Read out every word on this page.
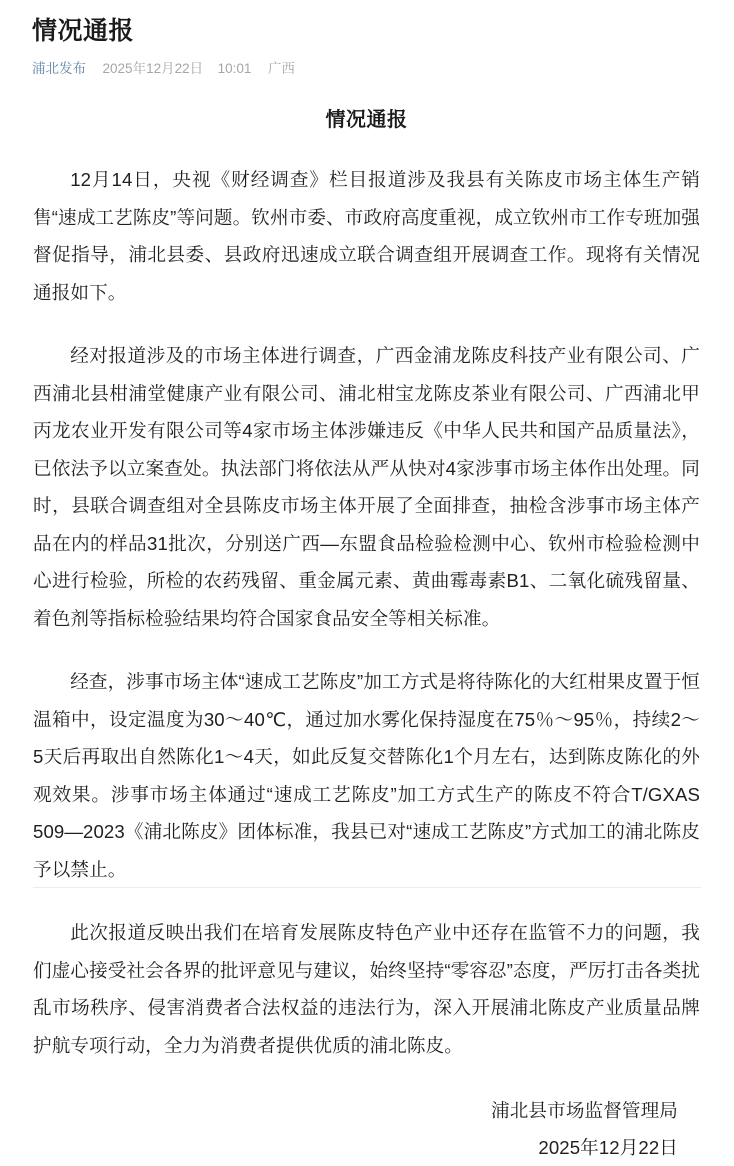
情况通报
浦北发布 2025年12月22日 10:01 广西
情况通报

12月14日，央视《财经调查》栏目报道涉及我县有关陈皮市场主体生产销售“速成工艺陈皮”等问题。钦州市委、市政府高度重视，成立钦州市工作专班加强督促指导，浦北县委、县政府迅速成立联合调查组开展调查工作。现将有关情况通报如下。

经对报道涉及的市场主体进行调查，广西金浦龙陈皮科技产业有限公司、广西浦北县柑浦堂健康产业有限公司、浦北柑宝龙陈皮茶业有限公司、广西浦北甲丙龙农业开发有限公司等4家市场主体涉嫌违反《中华人民共和国产品质量法》，已依法予以立案查处。执法部门将依法从严从快对4家涉事市场主体作出处理。同时，县联合调查组对全县陈皮市场主体开展了全面排查，抽检含涉事市场主体产品在内的样品31批次，分别送广西—东盟食品检验检测中心、钦州市检验检测中心进行检验，所检的农药残留、重金属元素、黄曲霉毒素B1、二氧化硫残留量、着色剂等指标检验结果均符合国家食品安全等相关标准。

经查，涉事市场主体“速成工艺陈皮”加工方式是将待陈化的大红柑果皮置于恒温箱中，设定温度为30～40℃，通过加水雾化保持湿度在75％～95％，持续2～5天后再取出自然陈化1～4天，如此反复交替陈化1个月左右，达到陈皮陈化的外观效果。涉事市场主体通过“速成工艺陈皮”加工方式生产的陈皮不符合T/GXAS 509—2023《浦北陈皮》团体标准，我县已对“速成工艺陈皮”方式加工的浦北陈皮予以禁止。

此次报道反映出我们在培育发展陈皮特色产业中还存在监管不力的问题，我们虚心接受社会各界的批评意见与建议，始终坚持“零容忍”态度，严厉打击各类扰乱市场秩序、侵害消费者合法权益的违法行为，深入开展浦北陈皮产业质量品牌护航专项行动，全力为消费者提供优质的浦北陈皮。

浦北县市场监督管理局
2025年12月22日
